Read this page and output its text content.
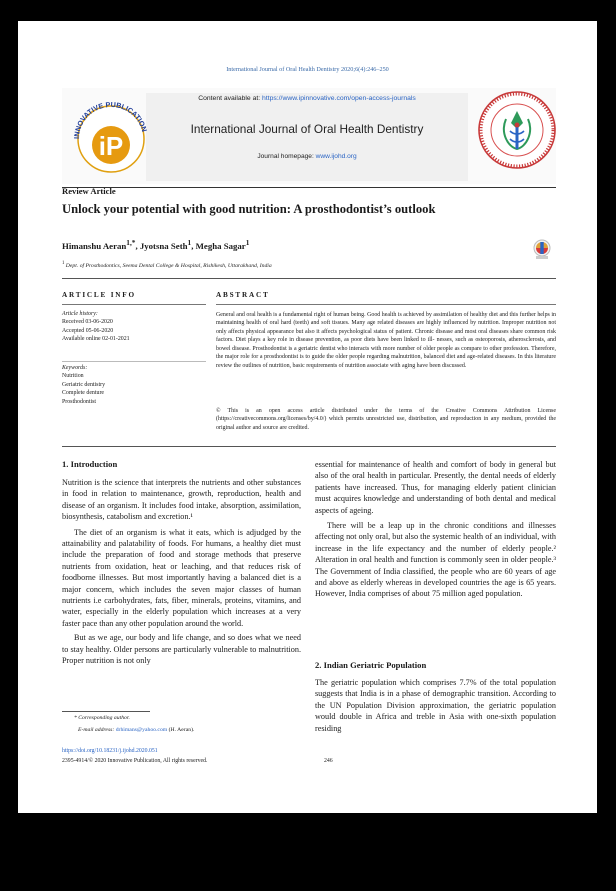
International Journal of Oral Health Dentistry 2020;6(4):246–250
INNOVATIVE PUBLICATION
iP
Content available at: https://www.ipinnovative.com/open-access-journals
International Journal of Oral Health Dentistry
Journal homepage: www.ijohd.org
Review Article
Unlock your potential with good nutrition: A prosthodontist’s outlook
Himanshu Aeran$^{1,*}$, Jyotsna Seth$^1$, Megha Sagar$^1$
$^1$ Dept. of Prosthodontics, Seema Dental College & Hospital, Rishikesh, Uttarakhand, India
ARTICLE INFO	ABSTRACT
Article history:
Received 03-06-2020
Accepted 05-06-2020
Available online 02-01-2021
Keywords:
Nutrition
Geriatric dentistry
Complete denture
Prosthodontist
General and oral health is a fundamental right of human being. Good health is achieved by assimilation of healthy diet and this further helps in maintaining health of oral hard (teeth) and soft tissues. Many age related diseases are highly influenced by nutrition. Improper nutrition not only affects physical appearance but also it affects psychological status of patient. Chronic disease and most oral diseases share common risk factors. Diet plays a key role in disease prevention, as poor diets have been linked to ill- nesses, such as osteoporosis, atherosclerosis, and bowel disease. Prosthodontist is a geriatric dentist who interacts with more number of older people as compare to other profession. Therefore, the major role for a prosthodontist is to guide the older people regarding malnutrition, balanced diet and age-related diseases. In this literature review the outlines of nutrition, basic requirements of nutrition associate with aging have been discussed.
© This is an open access article distributed under the terms of the Creative Commons Attribution License (https://creativecommons.org/licenses/by/4.0/) which permits unrestricted use, distribution, and reproduction in any medium, provided the original author and source are credited.
1. Introduction

Nutrition is the science that interprets the nutrients and other substances in food in relation to maintenance, growth, reproduction, health and disease of an organism. It includes food intake, absorption, assimilation, biosynthesis, catabolism and excretion.¹

The diet of an organism is what it eats, which is adjudged by the attainability and palatability of foods. For humans, a healthy diet must include the preparation of food and storage methods that preserve nutrients from oxidation, heat or leaching, and that reduces risk of foodborne illnesses. But most importantly having a balanced diet is a major concern, which includes the seven major classes of human nutrients i.e carbohydrates, fats, fiber, minerals, proteins, vitamins, and water, especially in the elderly population which increases at a very faster pace than any other population around the world.

But as we age, our body and life change, and so does what we need to stay healthy. Older persons are particularly vulnerable to malnutrition. Proper nutrition is not only

essential for maintenance of health and comfort of body in general but also of the oral health in particular. Presently, the dental needs of elderly patients have increased. Thus, for managing elderly patient clinician must acquires knowledge and understanding of both dental and medical aspects of ageing.

There will be a leap up in the chronic conditions and illnesses affecting not only oral, but also the systemic health of an individual, with increase in the life expectancy and the number of elderly people.² Alteration in oral health and function is commonly seen in older people.³ The Government of India classified, the people who are 60 years of age and above as elderly whereas in developed countries the age is 65 years. However, India comprises of about 75 million aged population.

2. Indian Geriatric Population

The geriatric population which comprises 7.7% of the total population suggests that India is in a phase of demographic transition. According to the UN Population Division approximation, the geriatric population would double in Africa and treble in Asia with one-sixth population residing

* Corresponding author.
E-mail address: drhimans@yahoo.com (H. Aeran).
https://doi.org/10.18231/j.ijohd.2020.051
2395-4914/© 2020 Innovative Publication, All rights reserved.	246
